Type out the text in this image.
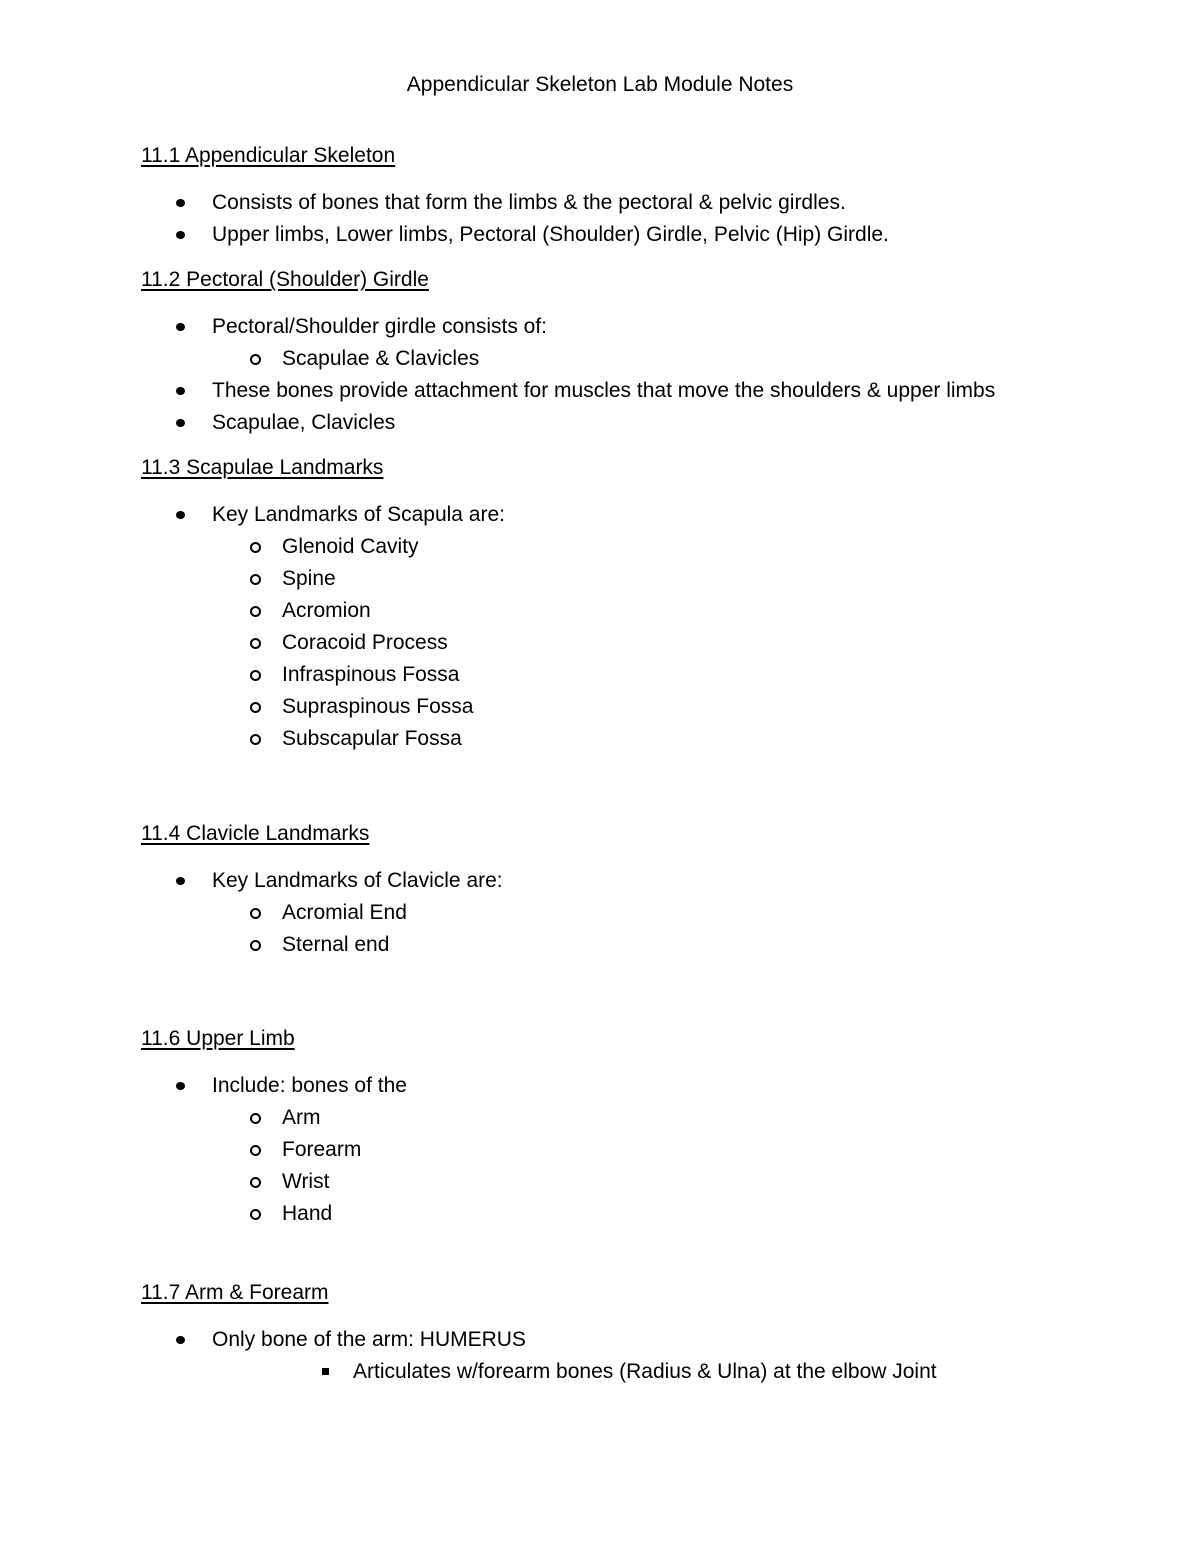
Appendicular Skeleton Lab Module Notes
11.1 Appendicular Skeleton
Consists of bones that form the limbs & the pectoral & pelvic girdles.
Upper limbs, Lower limbs, Pectoral (Shoulder) Girdle, Pelvic (Hip) Girdle.
11.2 Pectoral (Shoulder) Girdle
Pectoral/Shoulder girdle consists of:
Scapulae & Clavicles
These bones provide attachment for muscles that move the shoulders & upper limbs
Scapulae, Clavicles
11.3 Scapulae Landmarks
Key Landmarks of Scapula are:
Glenoid Cavity
Spine
Acromion
Coracoid Process
Infraspinous Fossa
Supraspinous Fossa
Subscapular Fossa
11.4 Clavicle Landmarks
Key Landmarks of Clavicle are:
Acromial End
Sternal end
11.6 Upper Limb
Include: bones of the
Arm
Forearm
Wrist
Hand
11.7 Arm & Forearm
Only bone of the arm: HUMERUS
Articulates w/forearm bones (Radius & Ulna) at the elbow Joint
